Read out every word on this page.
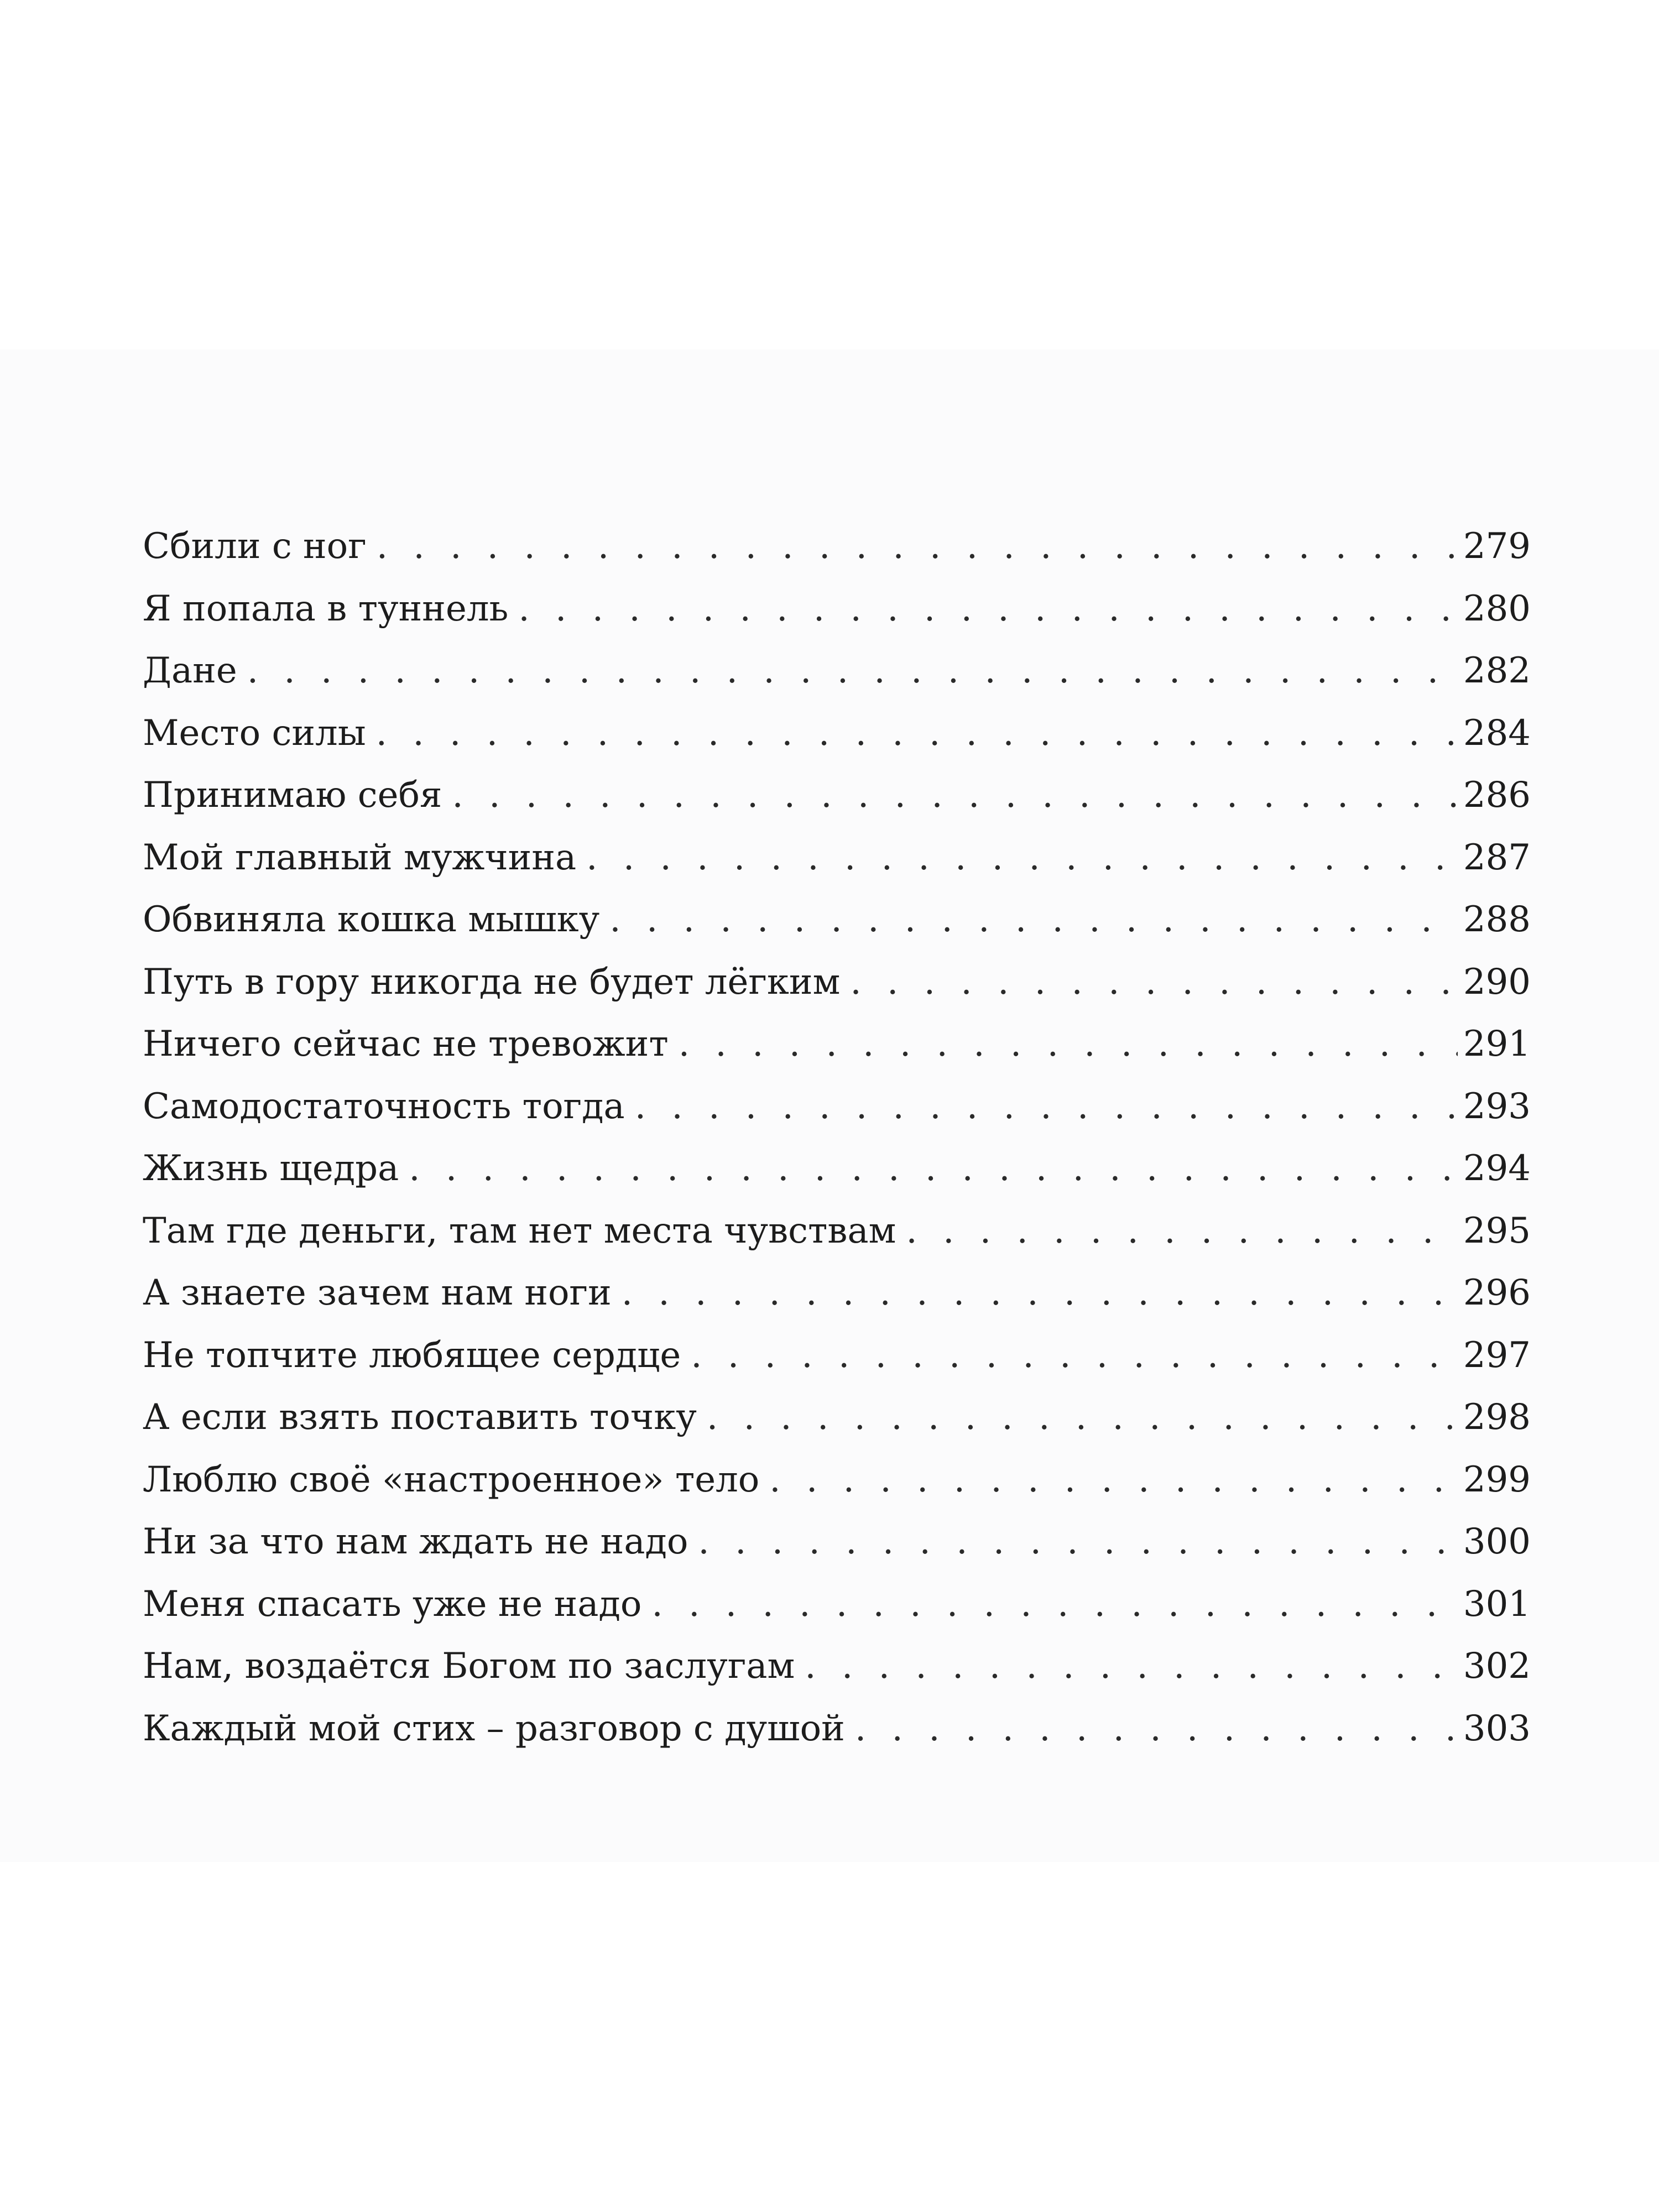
Сбили с ног . . .	279
Я попала в туннель . . .	280
Дане . . .	282
Место силы . . .	284
Принимаю себя . . .	286
Мой главный мужчина . . .	287
Обвиняла кошка мышку . . .	288
Путь в гору никогда не будет лёгким . . .	290
Ничего сейчас не тревожит . . .	291
Самодостаточность тогда . . .	293
Жизнь щедра . . .	294
Там где деньги, там нет места чувствам . . .	295
А знаете зачем нам ноги . . .	296
Не топчите любящее сердце . . .	297
А если взять поставить точку . . .	298
Люблю своё «настроенное» тело . . .	299
Ни за что нам ждать не надо . . .	300
Меня спасать уже не надо . . .	301
Нам, воздаётся Богом по заслугам . . .	302
Каждый мой стих – разговор с душой . . .	303
